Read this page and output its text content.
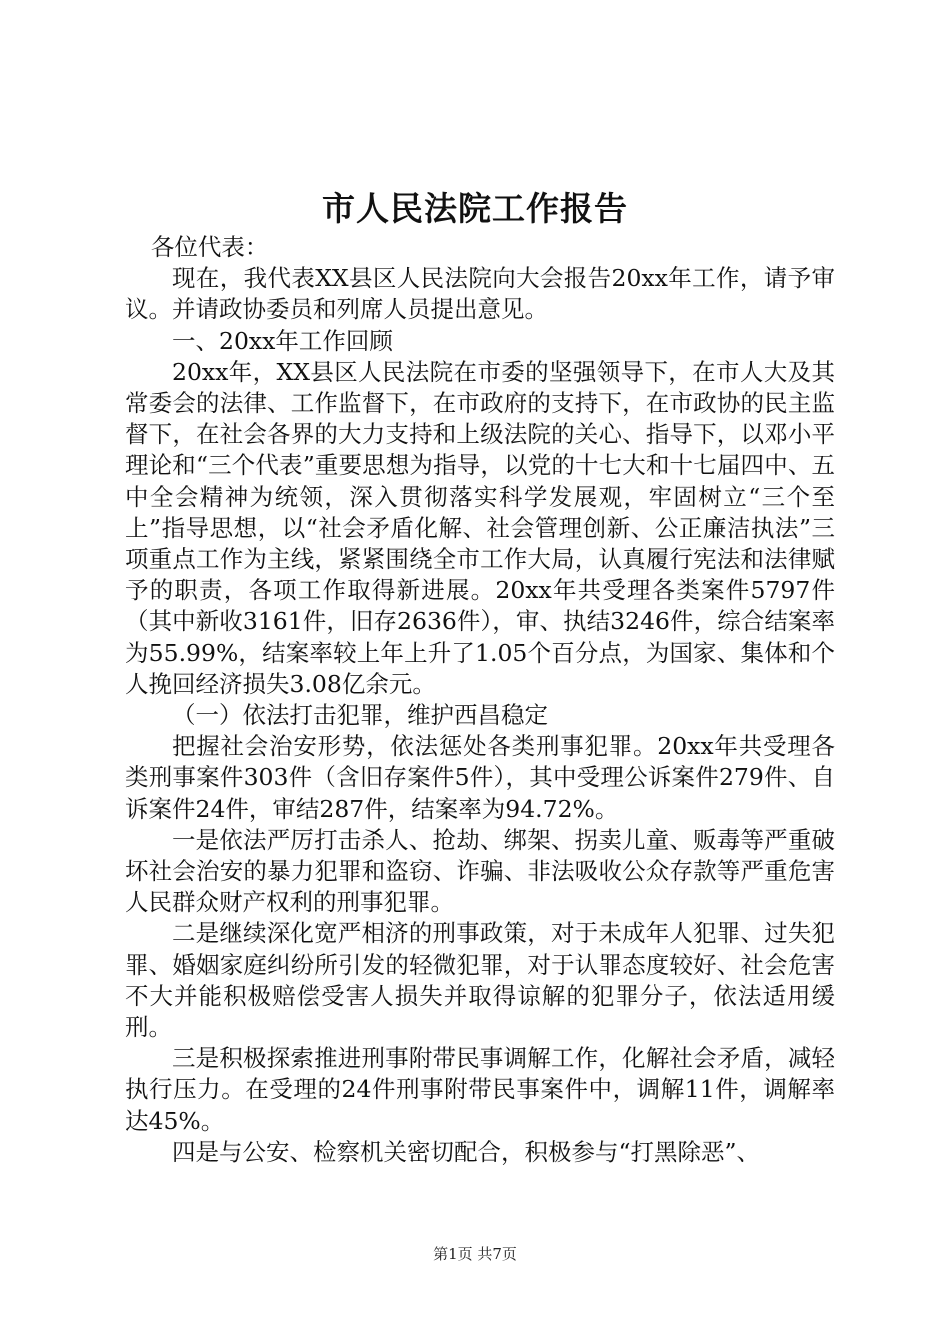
市人民法院工作报告

各位代表：

现在，我代表XX县区人民法院向大会报告20xx年工作，请予审议。并请政协委员和列席人员提出意见。

一、20xx年工作回顾

20xx年，XX县区人民法院在市委的坚强领导下，在市人大及其常委会的法律、工作监督下，在市政府的支持下，在市政协的民主监督下，在社会各界的大力支持和上级法院的关心、指导下，以邓小平理论和“三个代表”重要思想为指导，以党的十七大和十七届四中、五中全会精神为统领，深入贯彻落实科学发展观，牢固树立“三个至上”指导思想，以“社会矛盾化解、社会管理创新、公正廉洁执法”三项重点工作为主线，紧紧围绕全市工作大局，认真履行宪法和法律赋予的职责，各项工作取得新进展。20xx年共受理各类案件5797件（其中新收3161件，旧存2636件），审、执结3246件，综合结案率为55.99%，结案率较上年上升了1.05个百分点，为国家、集体和个人挽回经济损失3.08亿余元。

（一）依法打击犯罪，维护西昌稳定

把握社会治安形势，依法惩处各类刑事犯罪。20xx年共受理各类刑事案件303件（含旧存案件5件），其中受理公诉案件279件、自诉案件24件，审结287件，结案率为94.72%。

一是依法严厉打击杀人、抢劫、绑架、拐卖儿童、贩毒等严重破坏社会治安的暴力犯罪和盗窃、诈骗、非法吸收公众存款等严重危害人民群众财产权利的刑事犯罪。

二是继续深化宽严相济的刑事政策，对于未成年人犯罪、过失犯罪、婚姻家庭纠纷所引发的轻微犯罪，对于认罪态度较好、社会危害不大并能积极赔偿受害人损失并取得谅解的犯罪分子，依法适用缓刑。

三是积极探索推进刑事附带民事调解工作，化解社会矛盾，减轻执行压力。在受理的24件刑事附带民事案件中，调解11件，调解率达45%。

四是与公安、检察机关密切配合，积极参与“打黑除恶”、

第1页 共7页
